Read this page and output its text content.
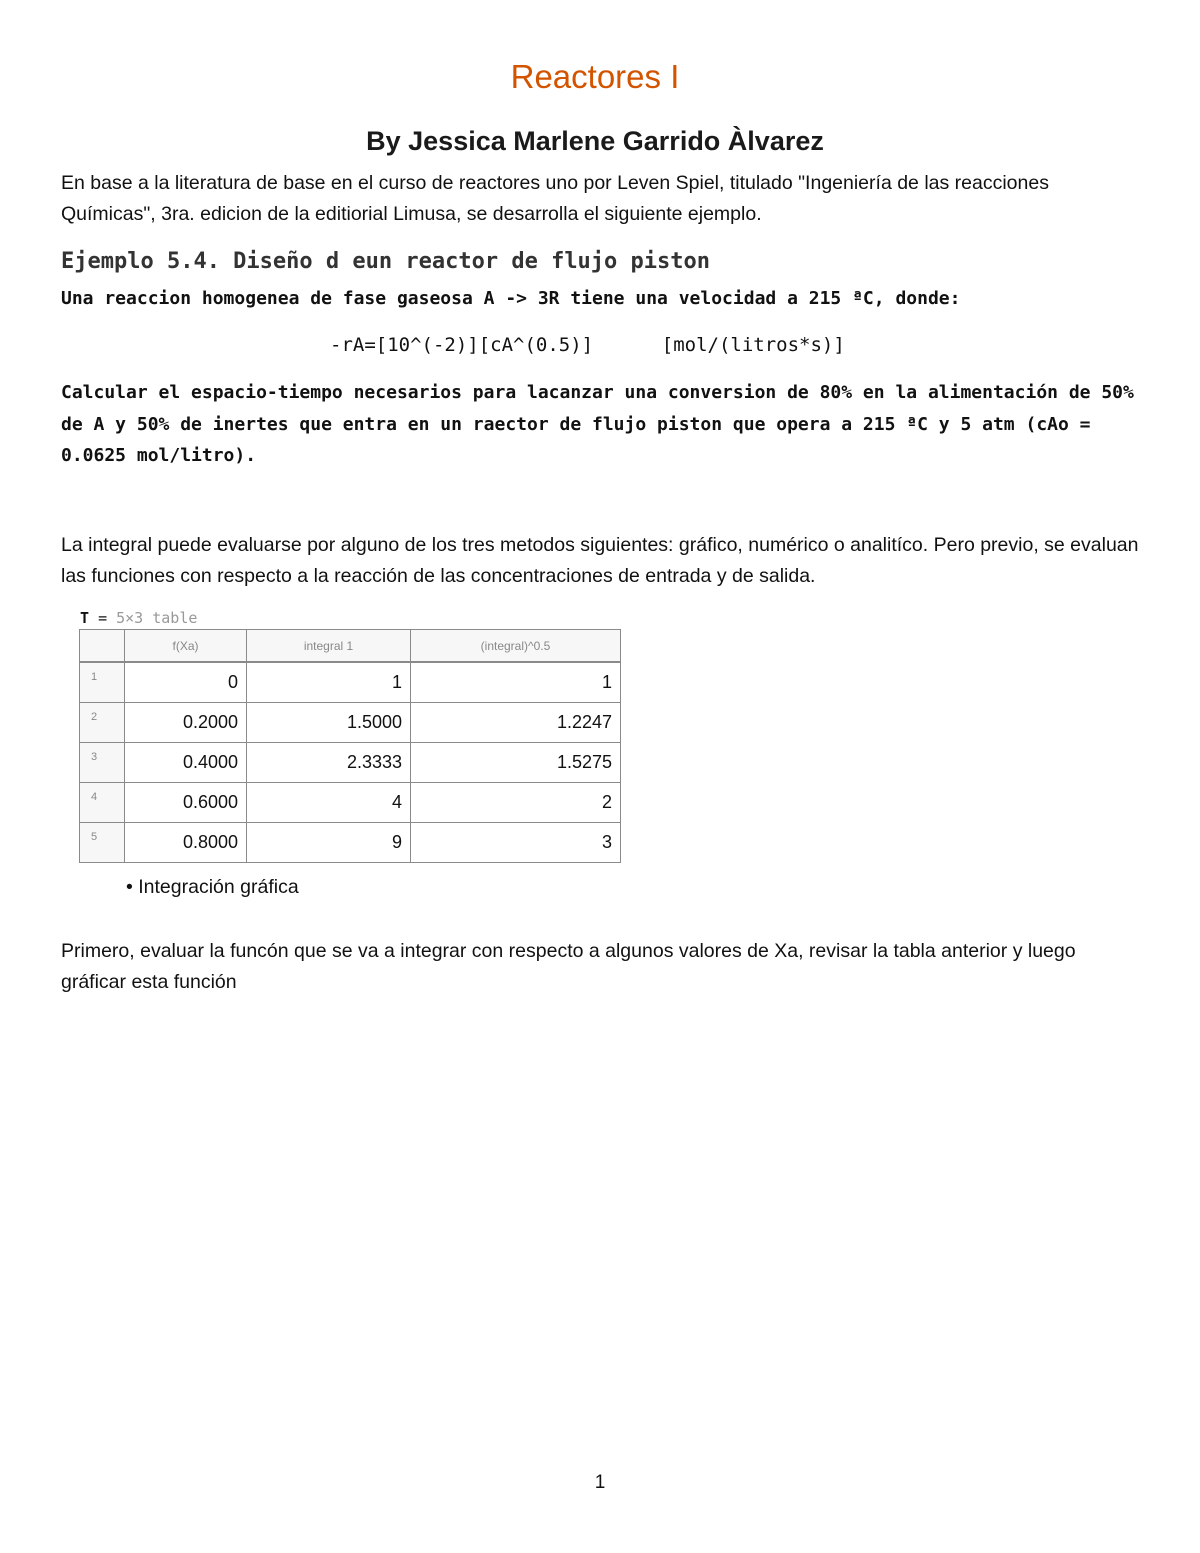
Reactores I
By Jessica Marlene Garrido Àlvarez
En base a la literatura de base en el curso de reactores uno por Leven Spiel, titulado "Ingeniería de las reacciones Químicas", 3ra. edicion de la editiorial Limusa, se desarrolla el siguiente ejemplo.
Ejemplo 5.4. Diseño d eun reactor de flujo piston
Una reaccion homogenea de fase gaseosa A -> 3R tiene una velocidad a 215 ªC, donde:
-rA=[10^(-2)][cA^(0.5)]	[mol/(litros*s)]
Calcular el espacio-tiempo necesarios para lacanzar una conversion de 80% en la alimentación de 50% de A y 50% de inertes que entra en un raector de flujo piston que opera a 215 ªC y 5 atm (cAo = 0.0625 mol/litro).
La integral puede evaluarse por alguno de los tres metodos siguientes: gráfico, numérico o analitíco. Pero previo, se evaluan las funciones con respecto a la reacción de las concentraciones de entrada y de salida.
T = 5×3 table
	f(Xa)	integral 1	(integral)^0.5
1	0	1	1
2	0.2000	1.5000	1.2247
3	0.4000	2.3333	1.5275
4	0.6000	4	2
5	0.8000	9	3
• Integración gráfica
Primero, evaluar la funcón que se va a integrar con respecto a algunos valores de Xa, revisar la tabla anterior y luego gráficar esta función
1
